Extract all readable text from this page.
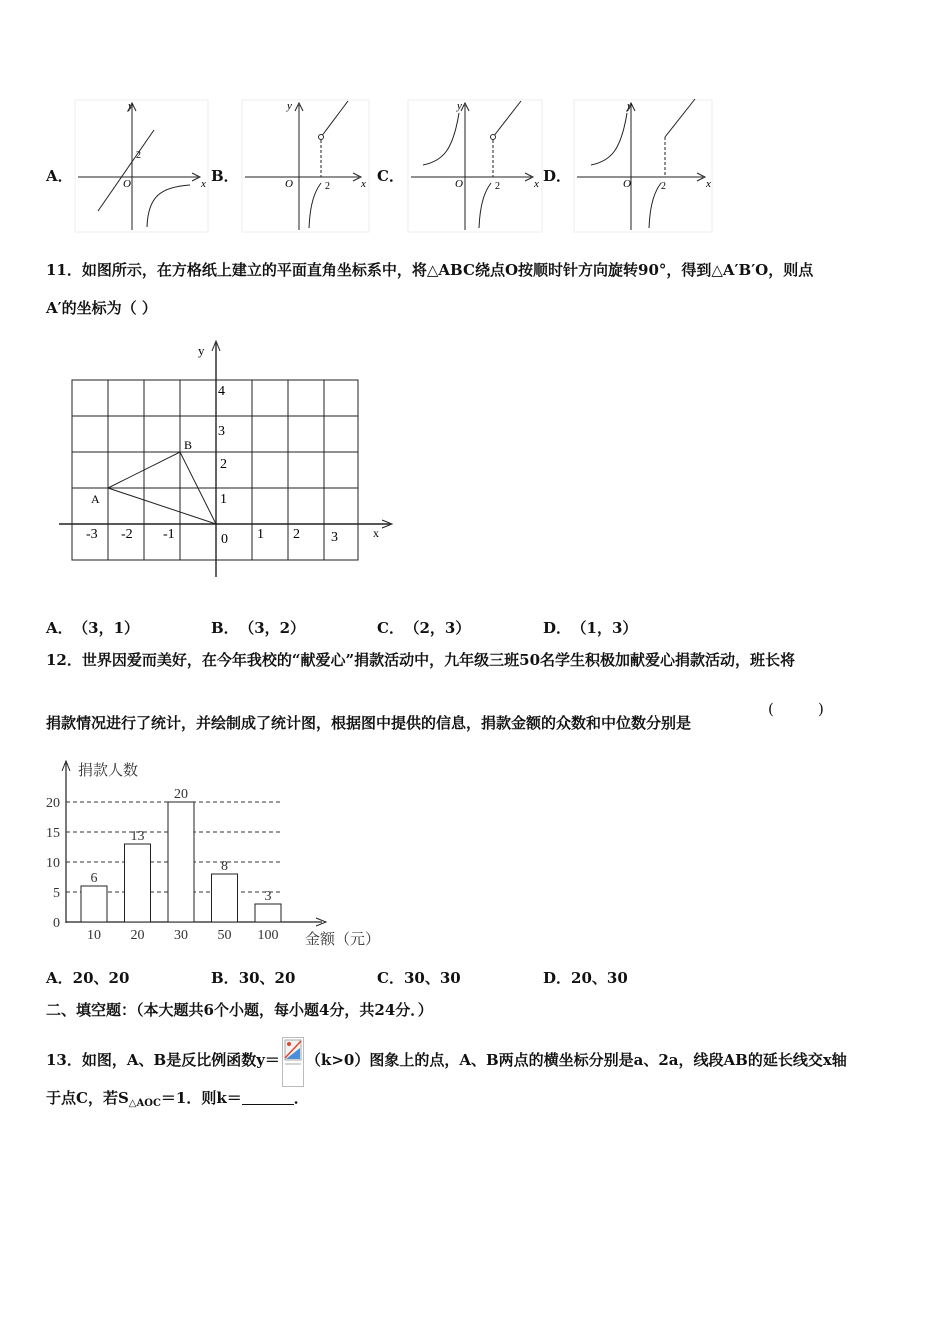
A．	B．	C．	D．
y
x
O
2
y
x
O	2
y
x
O	2
y
x
O	2
11．如图所示，在方格纸上建立的平面直角坐标系中，将△ABC绕点O按顺时针方向旋转90°，得到△A′B′O，则点
A′的坐标为（ ）
y
x
-3 -2 -1	0 1 2 3
1
2
3
4
A
B
A． （3，1）	B． （3，2）	C． （2，3）	D． （1，3）
12．世界因爱而美好，在今年我校的“献爱心”捐款活动中，九年级三班50名学生积极加献爱心捐款活动，班长将
捐款情况进行了统计，并绘制成了统计图，根据图中提供的信息，捐款金额的众数和中位数分别是
(	)
捐款人数
金额（元）
0
5
10
15
20
10 20 30 50 100
6
13
20
8
3
A．20、20	B．30、20	C．30、30	D．20、30
二、填空题：（本大题共6个小题，每小题4分，共24分．）
13．如图，A、B是反比例函数y＝ （k>0）图象上的点，A、B两点的横坐标分别是a、2a，线段AB的延长线交x轴
于点C，若$S_{\triangle AOC}=1$．则k＝	．
